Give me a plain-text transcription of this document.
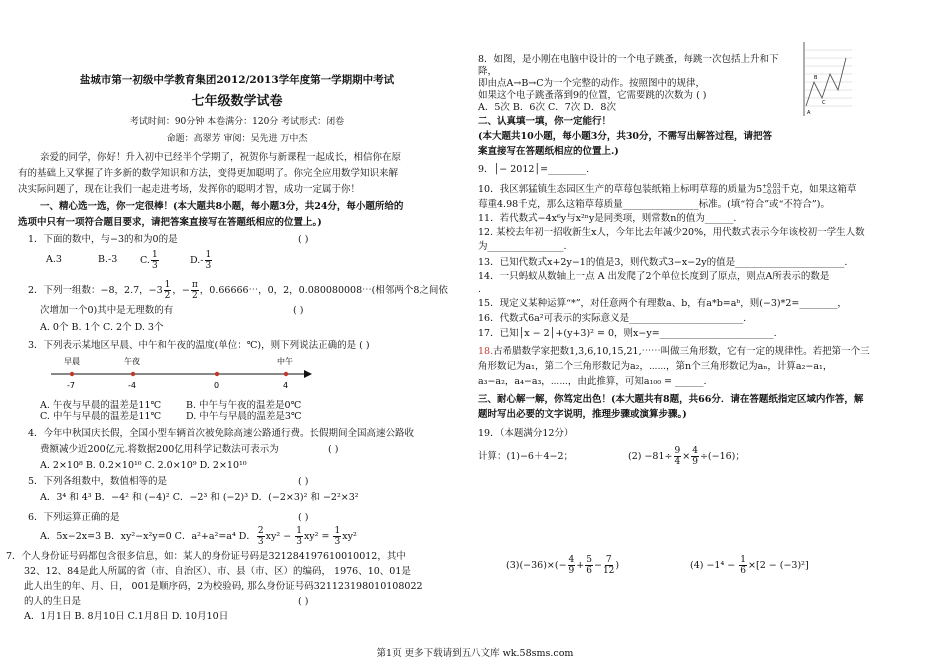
盐城市第一初级中学教育集团2012/2013学年度第一学期期中考试
七年级数学试卷
考试时间：90分钟 本卷满分：120分 考试形式：闭卷
命题：高翠芳 审阅：吴先进 万中杰
亲爱的同学，你好！升入初中已经半个学期了，祝贺你与新课程一起成长，相信你在原
有的基础上又掌握了许多新的数学知识和方法，变得更加聪明了。你完全应用数学知识来解
决实际问题了，现在让我们一起走进考场，发挥你的聪明才智，成功一定属于你！
一、精心选一选，你一定很棒！(本大题共8小题，每小题3分，共24分，每小题所给的
选项中只有一项符合题目要求，请把答案直接写在答题纸相应的位置上。)
1．下面的数中，与−3的和为0的是	( )
A.3	B.-3 C. $\frac{1}{3}$	$D.- \frac{1}{3}$
2．下列一组数：−8，2.7，$-3 \frac{1}{2}$ ，− $\frac{\pi}{2}$ ，0.66666⋯，0，2，0.080080008⋯(相邻两个8之间依
次增加一个0)其中是无理数的有	( )
A. 0个 B. 1个 C. 2个 D. 3个
3．下列表示某地区早晨、中午和午夜的温度(单位：℃)，则下列说法正确的是 ( )
早晨	午夜	中午
-7	-4	0	4
A. 午夜与早晨的温差是11℃	B. 中午与午夜的温差是0℃
C. 中午与早晨的温差是11℃	D. 中午与早晨的温差是3℃
4．今年中秋国庆长假，全国小型车辆首次被免除高速公路通行费。长假期间全国高速公路收
费额减少近200亿元.将数据200亿用科学记数法可表示为	( )
A. 2×10⁸ B. 0.2×10¹⁰ C. 2.0×10⁹ D. 2×10¹⁰
5．下列各组数中，数值相等的是	( )
A．3⁴ 和 4³ B．−4² 和 (−4)² C．−2³ 和 (−2)³ D．(−2×3)² 和 −2²×3²
6．下列运算正确的是	( )
A．5x−2x=3 B．xy²−x²y=0 C．a²+a²=a⁴ D． $\frac{2}{3} xy^2 - \frac{1}{3} xy^2 = \frac{1}{3} xy^2$
7．个人身份证号码都包含很多信息，如：某人的身份证号码是321284197610010012，其中
32、12、84是此人所属的省（市、自治区）、市、县（市、区）的编码， 1976、10、01是
此人出生的年、月、日， 001是顺序码，2为校验码, 那么身份证号码321123198010108022
的人的生日是	( )
A．1月1日 B. 8月10日 C.1月8日 D. 10月10日
8．如图，是小刚在电脑中设计的一个电子跳蚤，每跳一次包括上升和下
降，
即由点A→B→C为一个完整的动作。按照图中的规律，
如果这个电子跳蚤落到9的位置，它需要跳的次数为 ( )
A．5次 B．6次 C．7次 D．8次	A
B
C
二、认真填一填，你一定能行！
(本大题共10小题，每小题3分，共30分，不需写出解答过程，请把答
案直接写在答题纸相应的位置上.)
9．│− 2012│=________.
10．我区郭猛镇生态园区生产的草莓包装纸箱上标明草莓的质量为5 +0.03
−0.03 千克，如果这箱草
莓重4.98千克，那么这箱草莓质量________________标准。(填“符合”或“不符合”)。
11．若代数式−4x⁶y与x²ⁿy是同类项，则常数n的值为______.
12. 某校去年初一招收新生x人，今年比去年减少20%，用代数式表示今年该校初一学生人数
为________________.
13．已知代数式x+2y−1的值是3，则代数式3−x−2y的值是_______________________.
14．一只蚂蚁从数轴上一点 A 出发爬了2个单位长度到了原点，则点A所表示的数是
.
15．现定义某种运算“*”，对任意两个有理数a、b，有a*b=aᵇ，则(−3)*2=________，
16．代数式6a²可表示的实际意义是________________________.
17．已知│x − 2│+(y+3)² = 0，则x−y=________________________.
18.古希腊数学家把数1,3,6,10,15,21,⋯⋯叫做三角形数，它有一定的规律性。若把第一个三
角形数记为a₁，第二个三角形数记为a₂，⋯⋯，第n个三角形数记为aₙ，计算a₂−a₁，
a₃−a₂，a₄−a₃，⋯⋯，由此推算，可知a₁₀₀ = ______.
三、耐心解一解，你笃定出色！(本大题共有8题，共66分．请在答题纸指定区域内作答，解
题时写出必要的文字说明，推理步骤或演算步骤。)
19．（本题满分12分）
计算：(1)−6＋4−2；	$(2) -81\div \frac{9}{4} \times \frac{4}{9} \div(-16)$；
$(3)(-36)\times(- \frac{4}{9} + \frac{5}{6} - \frac{7}{12}$ )	$(4) -1^4 - \frac{1}{6} \times[2 - (-3)^2]$
第1页 更多下载请到五八文库 wk.58sms.com
